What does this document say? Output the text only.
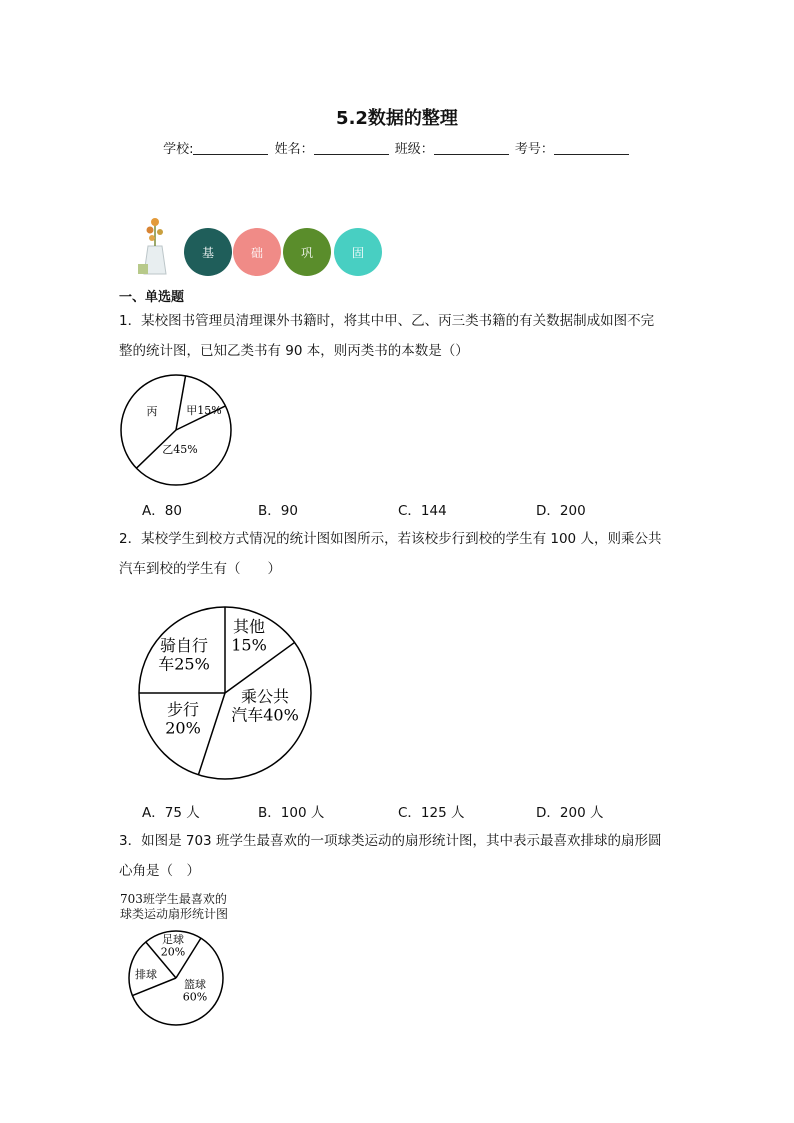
5.2数据的整理
学校:	姓名：	班级：	考号：
基	础	巩	固
一、单选题
1．某校图书管理员清理课外书籍时，将其中甲、乙、丙三类书籍的有关数据制成如图不完
整的统计图，已知乙类书有 90 本，则丙类书的本数是（）
丙	甲15%
乙45%
A．80	B．90	C．144	D．200
2．某校学生到校方式情况的统计图如图所示，若该校步行到校的学生有 100 人，则乘公共
汽车到校的学生有（　　）
其他 15%
乘公共汽车40%
步行 20%
骑自行车25%
A．75 人	B．100 人	C．125 人	D．200 人
3．如图是 703 班学生最喜欢的一项球类运动的扇形统计图，其中表示最喜欢排球的扇形圆
心角是（　）
703班学生最喜欢的
球类运动扇形统计图
足球 20%
篮球 60%
排球
